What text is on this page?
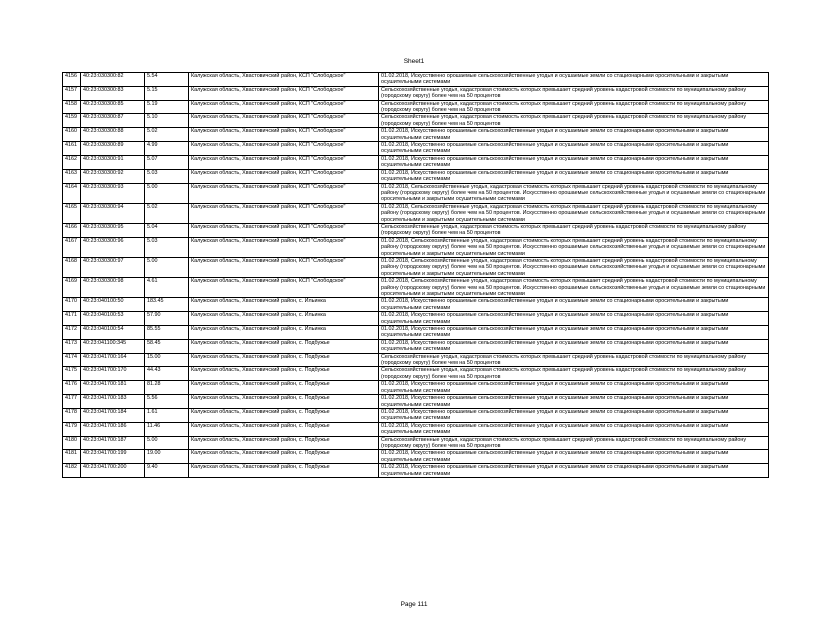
Sheet1
4156	40:23:030300:82	5.54	Калужская область, Хвастовичский район, КСП "Слободское"	01.02.2018, Искусственно орошаемые сельскохозяйственные угодья и осушаемые земли со стационарными оросительными и закрытыми осушительными системами
4157	40:23:030300:83	5.15	Калужская область, Хвастовичский район, КСП "Слободское"	Сельскохозяйственные угодья, кадастровая стоимость которых превышает средний уровень кадастровой стоимости по муниципальному району (городскому округу) более чем на 50 процентов
4158	40:23:030300:85	5.19	Калужская область, Хвастовичский район, КСП "Слободское"	Сельскохозяйственные угодья, кадастровая стоимость которых превышает средний уровень кадастровой стоимости по муниципальному району (городскому округу) более чем на 50 процентов
4159	40:23:030300:87	5.10	Калужская область, Хвастовичский район, КСП "Слободское"	Сельскохозяйственные угодья, кадастровая стоимость которых превышает средний уровень кадастровой стоимости по муниципальному району (городскому округу) более чем на 50 процентов
4160	40:23:030300:88	5.02	Калужская область, Хвастовичский район, КСП "Слободское"	01.02.2018, Искусственно орошаемые сельскохозяйственные угодья и осушаемые земли со стационарными оросительными и закрытыми осушительными системами
4161	40:23:030300:89	4.99	Калужская область, Хвастовичский район, КСП "Слободское"	01.02.2018, Искусственно орошаемые сельскохозяйственные угодья и осушаемые земли со стационарными оросительными и закрытыми осушительными системами
4162	40:23:030300:91	5.07	Калужская область, Хвастовичский район, КСП "Слободское"	01.02.2018, Искусственно орошаемые сельскохозяйственные угодья и осушаемые земли со стационарными оросительными и закрытыми осушительными системами
4163	40:23:030300:92	5.03	Калужская область, Хвастовичский район, КСП "Слободское"	01.02.2018, Искусственно орошаемые сельскохозяйственные угодья и осушаемые земли со стационарными оросительными и закрытыми осушительными системами
4164	40:23:030300:93	5.00	Калужская область, Хвастовичский район, КСП "Слободское"	01.02.2018, Сельскохозяйственные угодья, кадастровая стоимость которых превышает средний уровень кадастровой стоимости по муниципальному району (городскому округу) более чем на 50 процентов. Искусственно орошаемые сельскохозяйственные угодья и осушаемые земли со стационарными оросительными и закрытыми осушительными системами
4165	40:23:030300:94	5.02	Калужская область, Хвастовичский район, КСП "Слободское"	01.02.2018, Сельскохозяйственные угодья, кадастровая стоимость которых превышает средний уровень кадастровой стоимости по муниципальному району (городскому округу) более чем на 50 процентов. Искусственно орошаемые сельскохозяйственные угодья и осушаемые земли со стационарными оросительными и закрытыми осушительными системами
4166	40:23:030300:95	5.04	Калужская область, Хвастовичский район, КСП "Слободское"	Сельскохозяйственные угодья, кадастровая стоимость которых превышает средний уровень кадастровой стоимости по муниципальному району (городскому округу) более чем на 50 процентов
4167	40:23:030300:96	5.03	Калужская область, Хвастовичский район, КСП "Слободское"	01.02.2018, Сельскохозяйственные угодья, кадастровая стоимость которых превышает средний уровень кадастровой стоимости по муниципальному району (городскому округу) более чем на 50 процентов. Искусственно орошаемые сельскохозяйственные угодья и осушаемые земли со стационарными оросительными и закрытыми осушительными системами
4168	40:23:030300:97	5.00	Калужская область, Хвастовичский район, КСП "Слободское"	01.02.2018, Сельскохозяйственные угодья, кадастровая стоимость которых превышает средний уровень кадастровой стоимости по муниципальному району (городскому округу) более чем на 50 процентов. Искусственно орошаемые сельскохозяйственные угодья и осушаемые земли со стационарными оросительными и закрытыми осушительными системами
4169	40:23:030300:98	4.61	Калужская область, Хвастовичский район, КСП "Слободское"	01.02.2018, Сельскохозяйственные угодья, кадастровая стоимость которых превышает средний уровень кадастровой стоимости по муниципальному району (городскому округу) более чем на 50 процентов. Искусственно орошаемые сельскохозяйственные угодья и осушаемые земли со стационарными оросительными и закрытыми осушительными системами
4170	40:23:040100:50	183.45	Калужская область, Хвастовичский район, с. Ильинка	01.02.2018, Искусственно орошаемые сельскохозяйственные угодья и осушаемые земли со стационарными оросительными и закрытыми осушительными системами
4171	40:23:040100:53	57.90	Калужская область, Хвастовичский район, с. Ильинка	01.02.2018, Искусственно орошаемые сельскохозяйственные угодья и осушаемые земли со стационарными оросительными и закрытыми осушительными системами
4172	40:23:040100:54	85.55	Калужская область, Хвастовичский район, с. Ильинка	01.02.2018, Искусственно орошаемые сельскохозяйственные угодья и осушаемые земли со стационарными оросительными и закрытыми осушительными системами
4173	40:23:041100:345	58.45	Калужская область, Хвастовичский район, с. Подбужье	01.02.2018, Искусственно орошаемые сельскохозяйственные угодья и осушаемые земли со стационарными оросительными и закрытыми осушительными системами
4174	40:23:041700:164	15.00	Калужская область, Хвастовичский район, с. Подбужье	Сельскохозяйственные угодья, кадастровая стоимость которых превышает средний уровень кадастровой стоимости по муниципальному району (городскому округу) более чем на 50 процентов
4175	40:23:041700:170	44.43	Калужская область, Хвастовичский район, с. Подбужье	Сельскохозяйственные угодья, кадастровая стоимость которых превышает средний уровень кадастровой стоимости по муниципальному району (городскому округу) более чем на 50 процентов
4176	40:23:041700:181	81.28	Калужская область, Хвастовичский район, с. Подбужье	01.02.2018, Искусственно орошаемые сельскохозяйственные угодья и осушаемые земли со стационарными оросительными и закрытыми осушительными системами
4177	40:23:041700:183	5.56	Калужская область, Хвастовичский район, с. Подбужье	01.02.2018, Искусственно орошаемые сельскохозяйственные угодья и осушаемые земли со стационарными оросительными и закрытыми осушительными системами
4178	40:23:041700:184	1.61	Калужская область, Хвастовичский район, с. Подбужье	01.02.2018, Искусственно орошаемые сельскохозяйственные угодья и осушаемые земли со стационарными оросительными и закрытыми осушительными системами
4179	40:23:041700:186	11.46	Калужская область, Хвастовичский район, с. Подбужье	01.02.2018, Искусственно орошаемые сельскохозяйственные угодья и осушаемые земли со стационарными оросительными и закрытыми осушительными системами
4180	40:23:041700:187	5.00	Калужская область, Хвастовичский район, с. Подбужье	Сельскохозяйственные угодья, кадастровая стоимость которых превышает средний уровень кадастровой стоимости по муниципальному району (городскому округу) более чем на 50 процентов
4181	40:23:041700:199	19.00	Калужская область, Хвастовичский район, с. Подбужье	01.02.2018, Искусственно орошаемые сельскохозяйственные угодья и осушаемые земли со стационарными оросительными и закрытыми осушительными системами
4182	40:23:041700:200	9.40	Калужская область, Хвастовичский район, с. Подбужье	01.02.2018, Искусственно орошаемые сельскохозяйственные угодья и осушаемые земли со стационарными оросительными и закрытыми осушительными системами
Page 111
